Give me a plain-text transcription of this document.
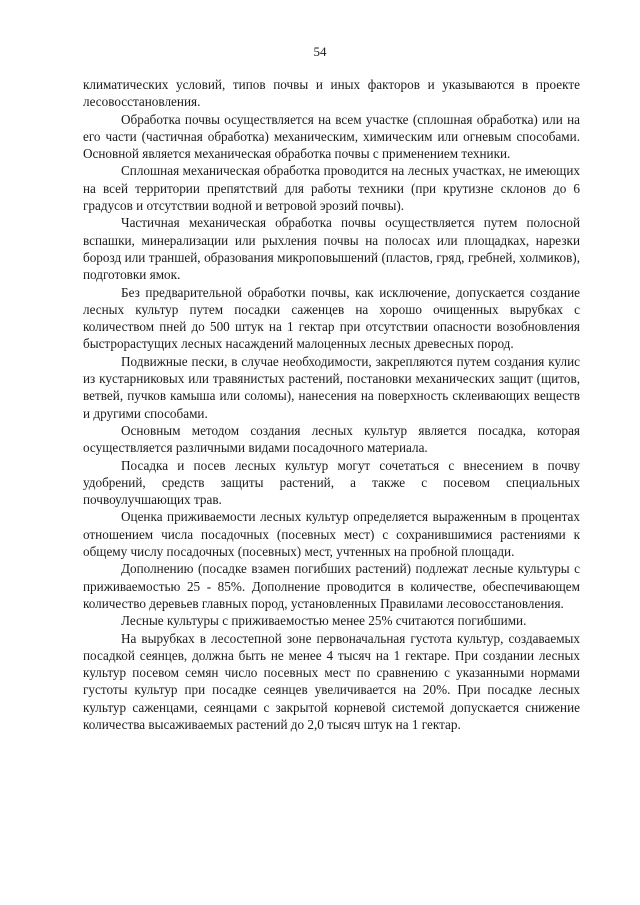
54

климатических условий, типов почвы и иных факторов и указываются в проекте лесовосстановления.

Обработка почвы осуществляется на всем участке (сплошная обработка) или на его части (частичная обработка) механическим, химическим или огневым способами. Основной является механическая обработка почвы с применением техники.

Сплошная механическая обработка проводится на лесных участках, не имеющих на всей территории препятствий для работы техники (при крутизне склонов до 6 градусов и отсутствии водной и ветровой эрозий почвы).

Частичная механическая обработка почвы осуществляется путем полосной вспашки, минерализации или рыхления почвы на полосах или площадках, нарезки борозд или траншей, образования микроповышений (пластов, гряд, гребней, холмиков), подготовки ямок.

Без предварительной обработки почвы, как исключение, допускается создание лесных культур путем посадки саженцев на хорошо очищенных вырубках с количеством пней до 500 штук на 1 гектар при отсутствии опасности возобновления быстрорастущих лесных насаждений малоценных лесных древесных пород.

Подвижные пески, в случае необходимости, закрепляются путем создания кулис из кустарниковых или травянистых растений, постановки механических защит (щитов, ветвей, пучков камыша или соломы), нанесения на поверхность склеивающих веществ и другими способами.

Основным методом создания лесных культур является посадка, которая осуществляется различными видами посадочного материала.

Посадка и посев лесных культур могут сочетаться с внесением в почву удобрений, средств защиты растений, а также с посевом специальных почвоулучшающих трав.

Оценка приживаемости лесных культур определяется выраженным в процентах отношением числа посадочных (посевных мест) с сохранившимися растениями к общему числу посадочных (посевных) мест, учтенных на пробной площади.

Дополнению (посадке взамен погибших растений) подлежат лесные культуры с приживаемостью 25 - 85%. Дополнение проводится в количестве, обеспечивающем количество деревьев главных пород, установленных Правилами лесовосстановления.

Лесные культуры с приживаемостью менее 25% считаются погибшими.

На вырубках в лесостепной зоне первоначальная густота культур, создаваемых посадкой сеянцев, должна быть не менее 4 тысяч на 1 гектаре. При создании лесных культур посевом семян число посевных мест по сравнению с указанными нормами густоты культур при посадке сеянцев увеличивается на 20%. При посадке лесных культур саженцами, сеянцами с закрытой корневой системой допускается снижение количества высаживаемых растений до 2,0 тысяч штук на 1 гектар.
